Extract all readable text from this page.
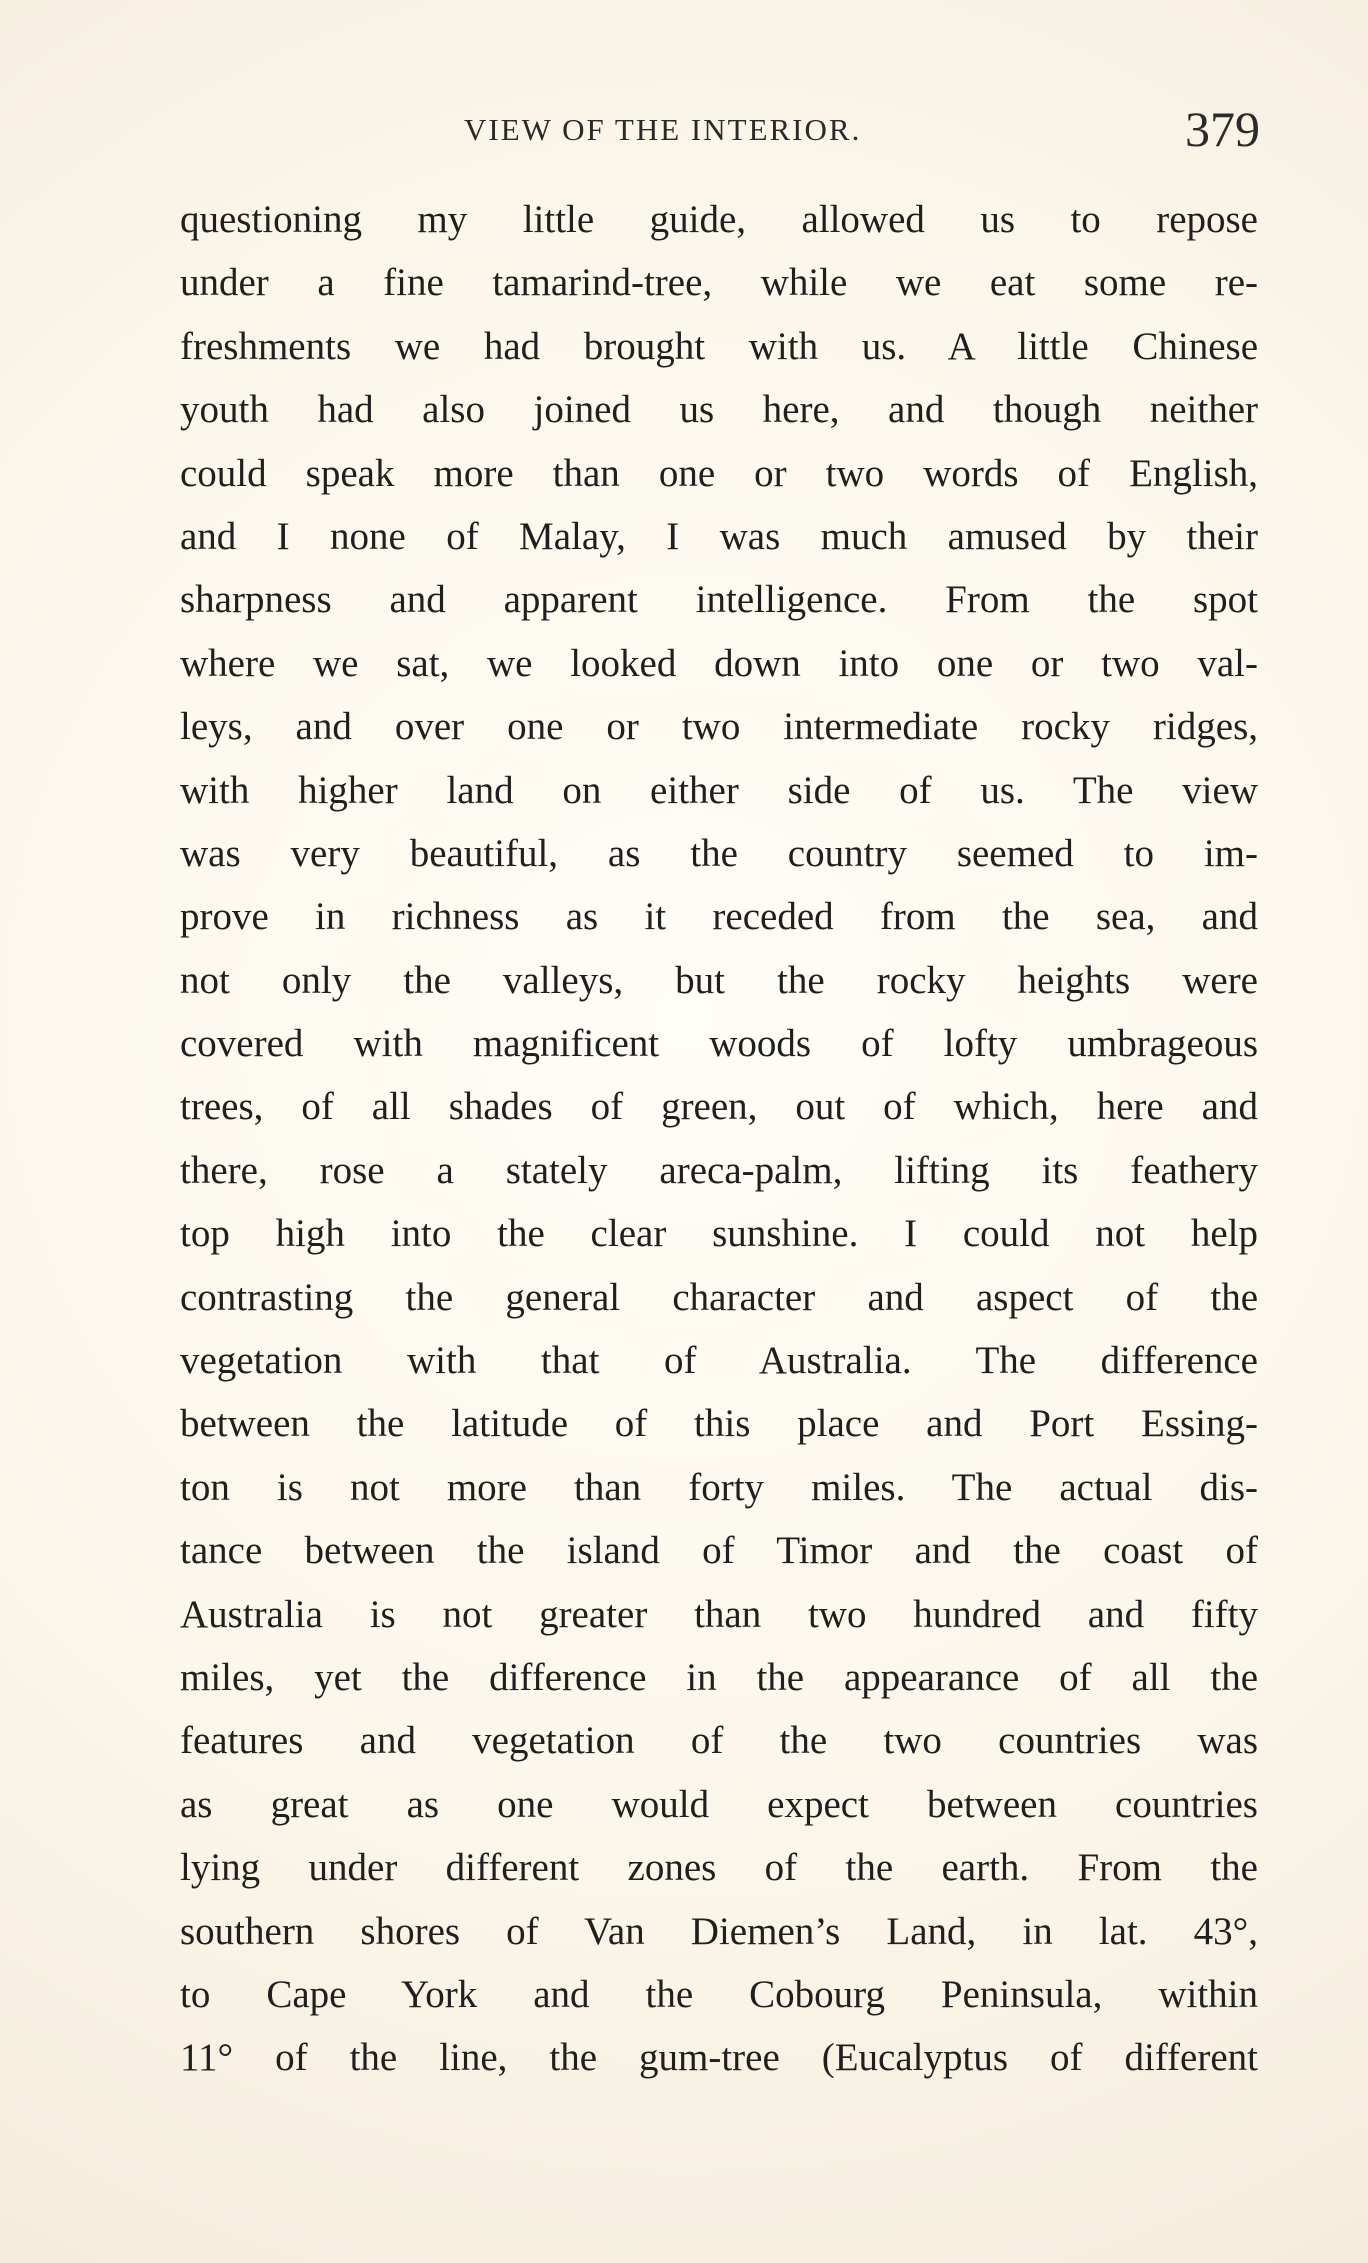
VIEW OF THE INTERIOR.	379
questioning my little guide, allowed us to repose
under a fine tamarind-tree, while we eat some re-
freshments we had brought with us. A little Chinese
youth had also joined us here, and though neither
could speak more than one or two words of English,
and I none of Malay, I was much amused by their
sharpness and apparent intelligence. From the spot
where we sat, we looked down into one or two val-
leys, and over one or two intermediate rocky ridges,
with higher land on either side of us. The view
was very beautiful, as the country seemed to im-
prove in richness as it receded from the sea, and
not only the valleys, but the rocky heights were
covered with magnificent woods of lofty umbrageous
trees, of all shades of green, out of which, here and
there, rose a stately areca-palm, lifting its feathery
top high into the clear sunshine. I could not help
contrasting the general character and aspect of the
vegetation with that of Australia. The difference
between the latitude of this place and Port Essing-
ton is not more than forty miles. The actual dis-
tance between the island of Timor and the coast of
Australia is not greater than two hundred and fifty
miles, yet the difference in the appearance of all the
features and vegetation of the two countries was
as great as one would expect between countries
lying under different zones of the earth. From the
southern shores of Van Diemen’s Land, in lat. 43°,
to Cape York and the Cobourg Peninsula, within
11° of the line, the gum-tree (Eucalyptus of different
